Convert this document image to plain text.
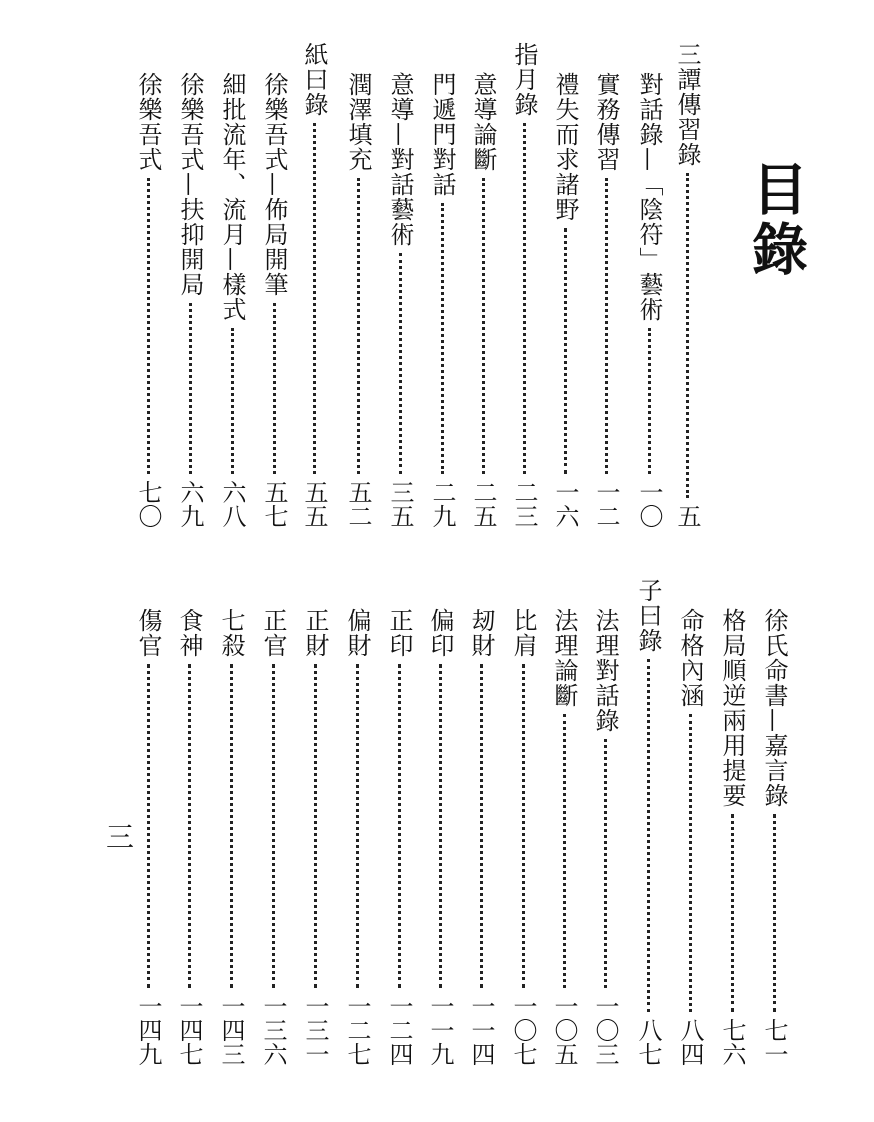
目錄
三譚傳習錄
五
對話錄—「陰符」藝術
一〇
實務傳習
一二
禮失而求諸野
一六
指月錄
二三
意導論斷
二五
門遞門對話
二九
意導—對話藝術
三五
潤澤填充
五二
紙曰錄
五五
徐樂吾式—佈局開筆
五七
細批流年、流月—樣式
六八
徐樂吾式—扶抑開局
六九
徐樂吾式
七〇
徐氏命書—嘉言錄
七一
格局順逆兩用提要
七六
命格內涵
八四
子曰錄
八七
法理對話錄
一〇三
法理論斷
一〇五
比肩
一〇七
刼財
一一四
偏印
一一九
正印
一二四
偏財
一二七
正財
一三一
正官
一三六
七殺
一四三
食神
一四七
傷官
一四九
三
